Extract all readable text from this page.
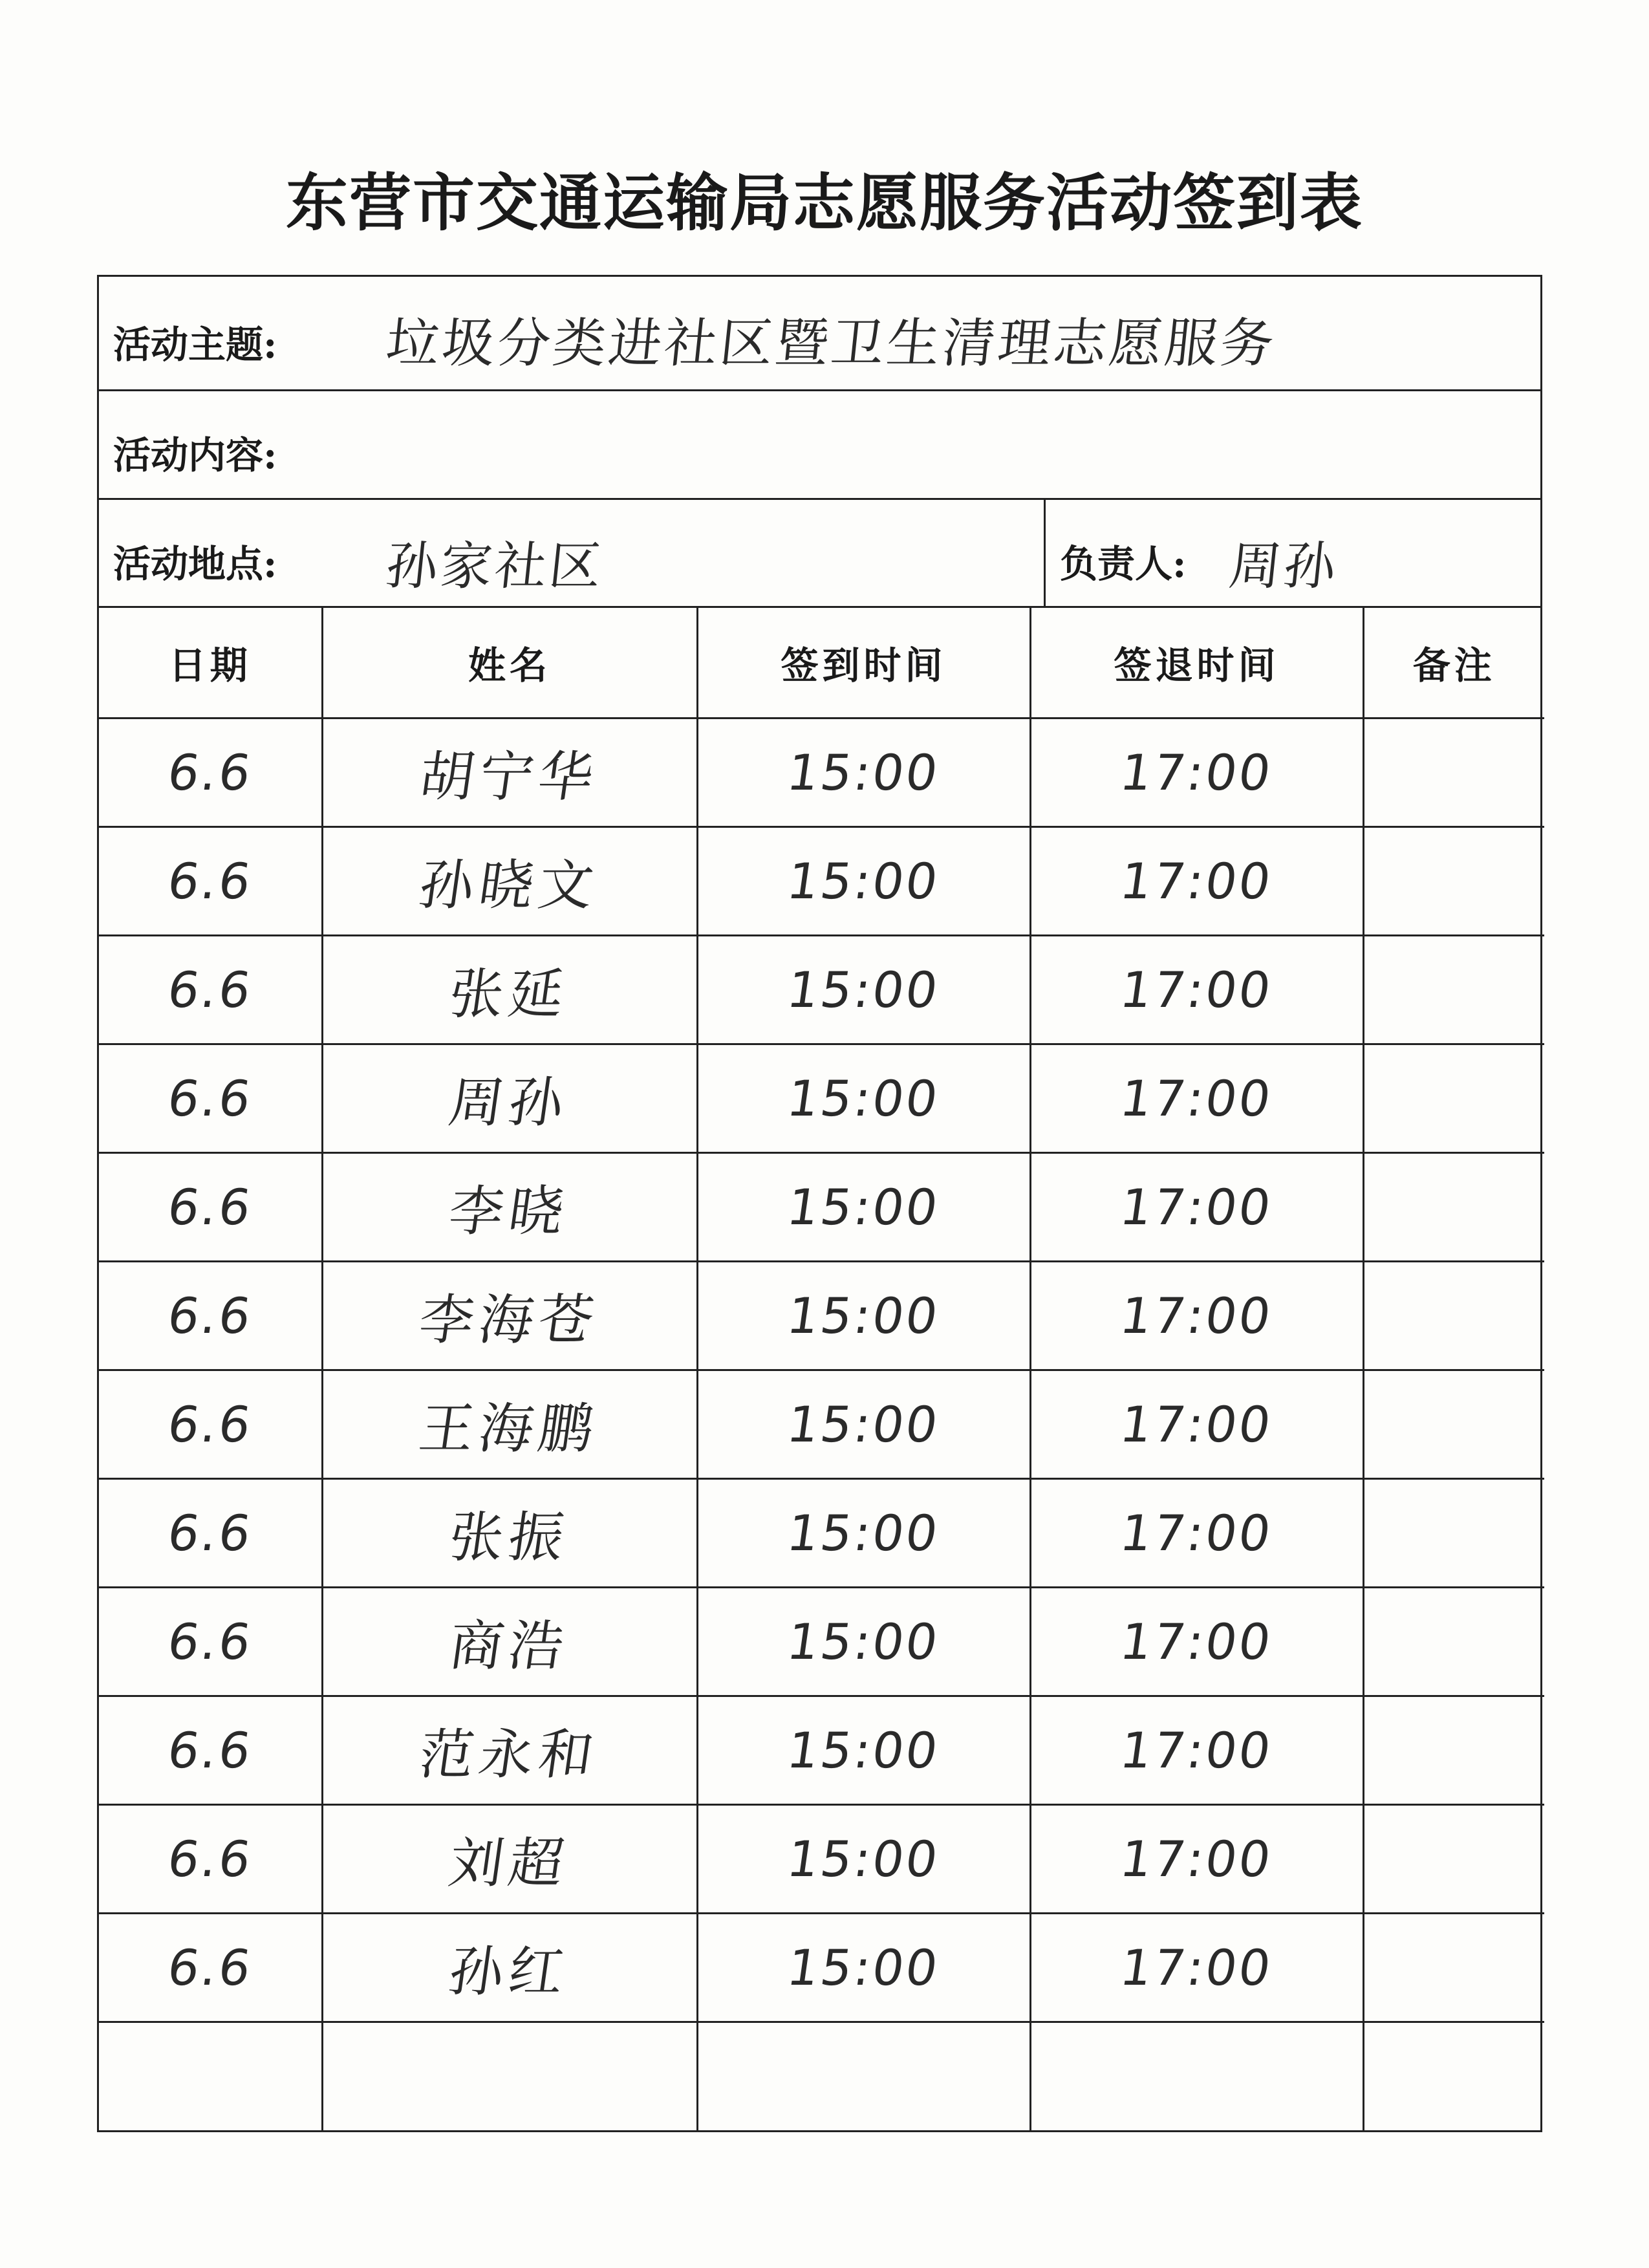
东营市交通运输局志愿服务活动签到表
活动主题: 垃圾分类进社区暨卫生清理志愿服务
活动内容:
活动地点: 孙家社区	负责人: 周孙
日期	姓名	签到时间	签退时间	备注
6.6	胡宁华	15:00	17:00	
6.6	孙晓文	15:00	17:00	
6.6	张延	15:00	17:00	
6.6	周孙	15:00	17:00	
6.6	李晓	15:00	17:00	
6.6	李海苍	15:00	17:00	
6.6	王海鹏	15:00	17:00	
6.6	张振	15:00	17:00	
6.6	商浩	15:00	17:00	
6.6	范永和	15:00	17:00	
6.6	刘超	15:00	17:00	
6.6	孙红	15:00	17:00	
